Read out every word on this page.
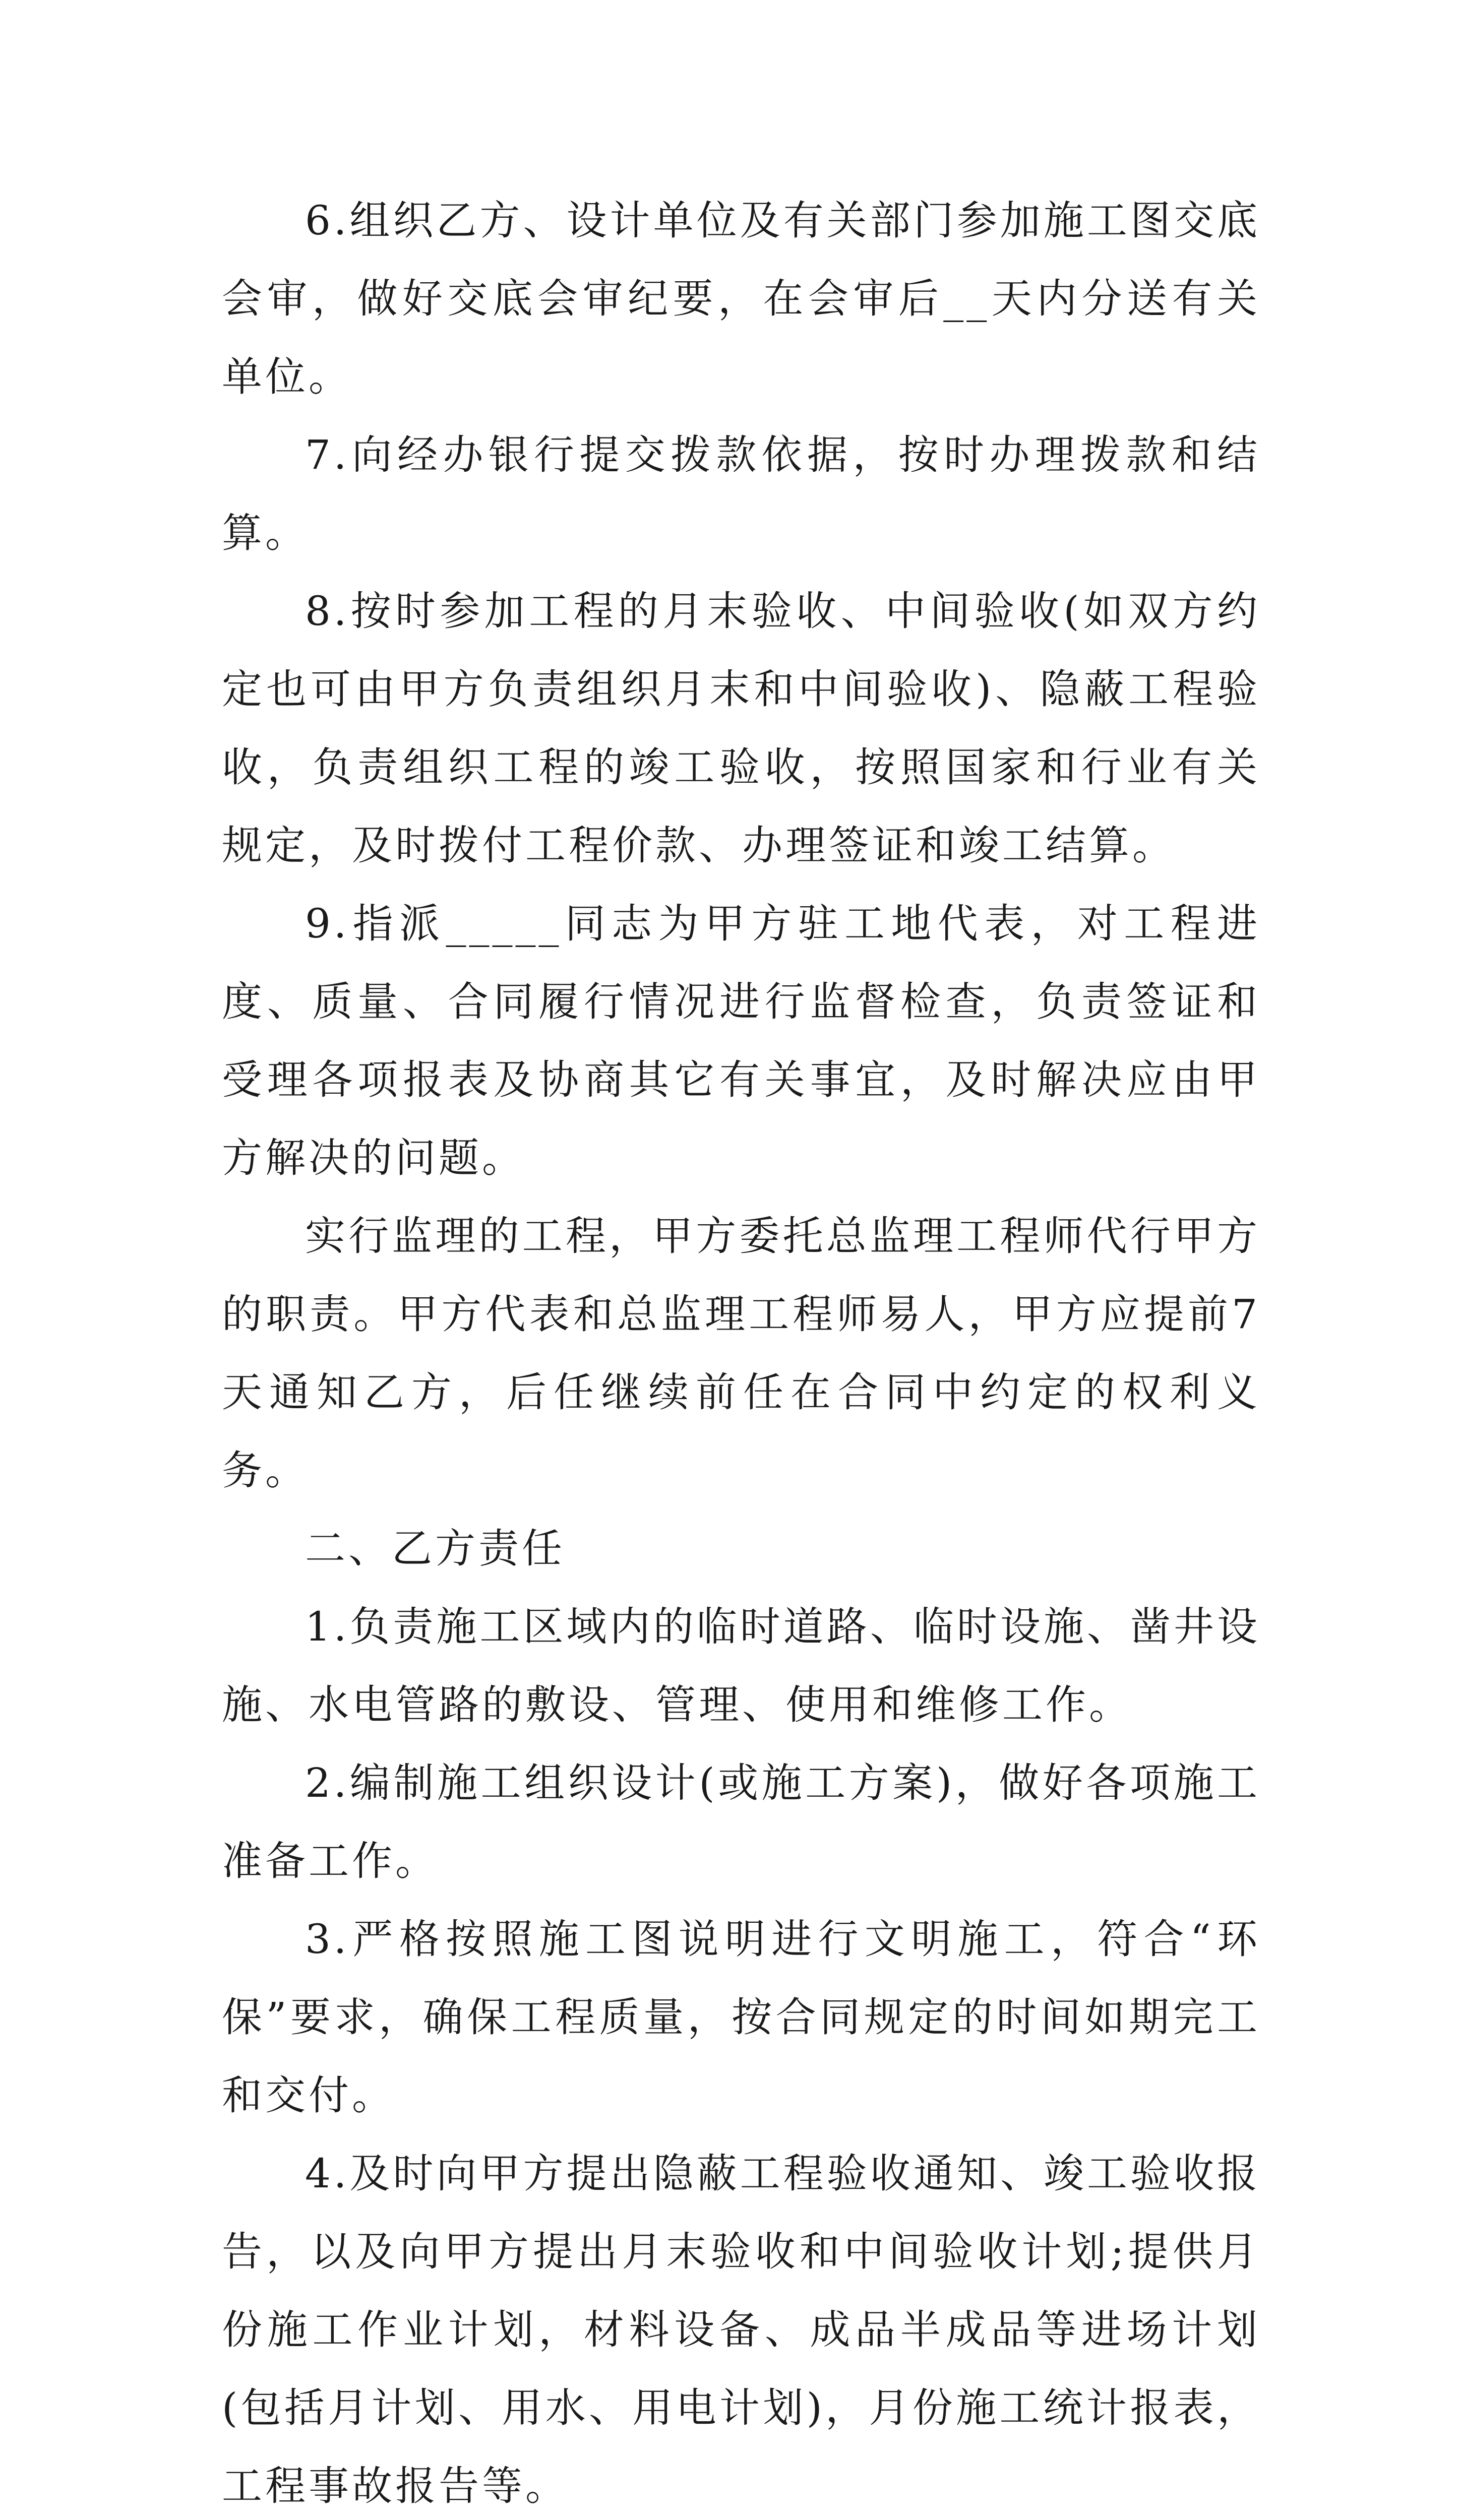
6.组织乙方、设计单位及有关部门参加施工图交底会审，做好交底会审纪要，在会审后__天内分送有关单位。

7.向经办银行提交拨款依据，按时办理拨款和结算。

8.按时参加工程的月末验收、中间验收(如双方约定也可由甲方负责组织月末和中间验收)、隐蔽工程验收，负责组织工程的竣工验收，按照国家和行业有关规定，及时拨付工程价款、办理签证和竣工结算。

9.指派_____同志为甲方驻工地代表，对工程进度、质量、合同履行情况进行监督检查，负责签证和受理各项报表及协商其它有关事宜，及时解决应由甲方解决的问题。

实行监理的工程，甲方委托总监理工程师代行甲方的职责。甲方代表和总监理工程师易人，甲方应提前7天通知乙方，后任继续前任在合同中约定的权利义务。

二、乙方责任

1.负责施工区域内的临时道路、临时设施、凿井设施、水电管路的敷设、管理、使用和维修工作。

2.编制施工组织设计(或施工方案)，做好各项施工准备工作。

3.严格按照施工图说明进行文明施工，符合“环保”要求，确保工程质量，按合同规定的时间如期完工和交付。

4.及时向甲方提出隐蔽工程验收通知、竣工验收报告，以及向甲方提出月末验收和中间验收计划;提供月份施工作业计划，材料设备、成品半成品等进场计划(包括月计划、用水、用电计划)，月份施工统计报表，工程事故报告等。
